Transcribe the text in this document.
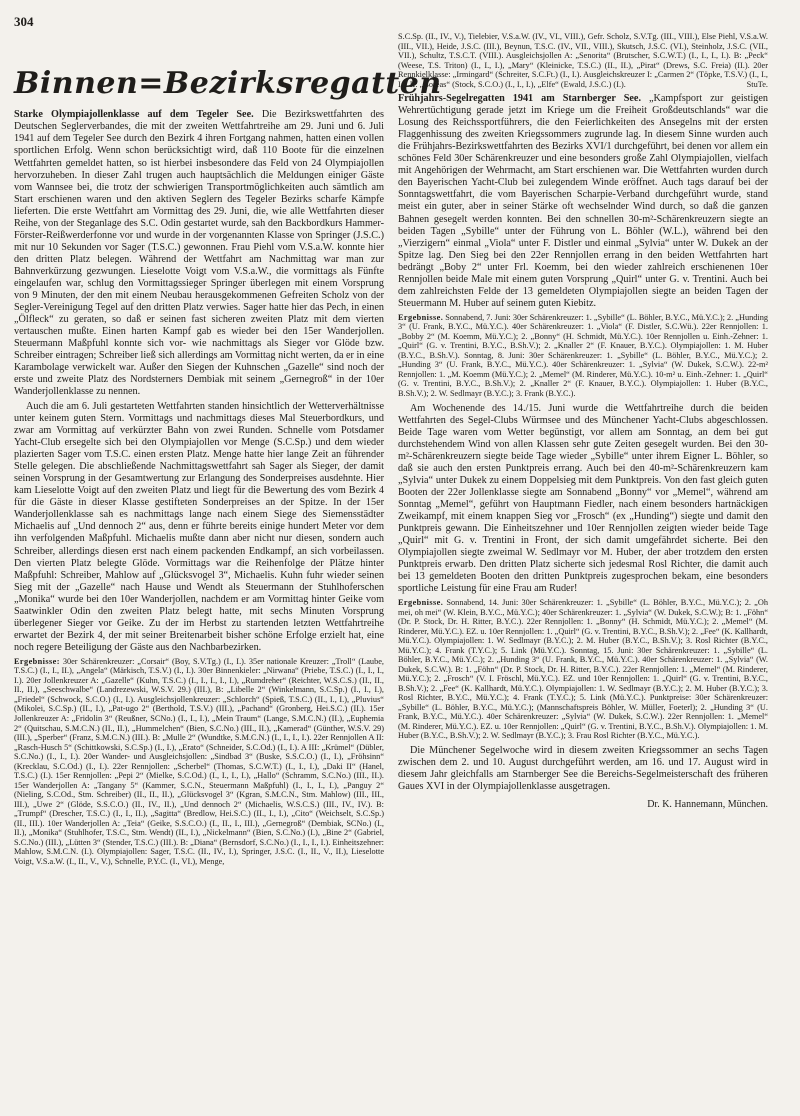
304
Binnen=Bezirksregatten

Starke Olympiajollenklasse auf dem Tegeler See. Die Bezirkswettfahrten des Deutschen Seglerverbandes, die mit der zweiten Wettfahrtreihe am 29. Juni und 6. Juli 1941 auf dem Tegeler See durch den Bezirk 4 ihren Fortgang nahmen, hatten einen vollen sportlichen Erfolg. Wenn schon berücksichtigt wird, daß 110 Boote für die einzelnen Wettfahrten gemeldet hatten, so ist hierbei insbesondere das Feld von 24 Olympiajollen hervorzuheben. In dieser Zahl trugen auch hauptsächlich die Meldungen einiger Gäste vom Wannsee bei, die trotz der schwierigen Transportmöglichkeiten auch sämtlich am Start erschienen waren und den aktiven Seglern des Tegeler Bezirks scharfe Kämpfe lieferten. Die erste Wettfahrt am Vormittag des 29. Juni, die, wie alle Wettfahrten dieser Reihe, von der Steganlage des S.C. Odin gestartet wurde, sah den Backbordkurs Hammer-Förster-Reißwerderfonne vor und wurde in der vorgenannten Klasse von Springer (J.S.C.) mit nur 10 Sekunden vor Sager (T.S.C.) gewonnen. Frau Piehl vom V.S.a.W. konnte hier den dritten Platz belegen. Während der Wettfahrt am Nachmittag war man zur Bahnverkürzung gezwungen. Lieselotte Voigt vom V.S.a.W., die vormittags als Fünfte eingelaufen war, schlug den Vormittagssieger Springer überlegen mit einem Vorsprung von 9 Minuten, der den mit einem Neubau herausgekommenen Gefreiten Scholz von der Segler-Vereinigung Tegel auf den dritten Platz verwies. Sager hatte hier das Pech, in einen „Ölfleck“ zu geraten, so daß er seinen fast sicheren zweiten Platz mit dem vierten vertauschen mußte. Einen harten Kampf gab es wieder bei den 15er Wanderjollen. Steuermann Maßpfuhl konnte sich vor- wie nachmittags als Sieger vor Glöde bzw. Schreiber eintragen; Schreiber ließ sich allerdings am Vormittag nicht werten, da er in eine Karambolage verwickelt war. Außer den Siegen der Kuhnschen „Gazelle“ sind noch der erste und zweite Platz des Nordsterners Dembiak mit seinem „Gernegroß“ in der 10er Wanderjollenklasse zu nennen.

Auch die am 6. Juli gestarteten Wettfahrten standen hinsichtlich der Wetterverhältnisse unter keinem guten Stern. Vormittags und nachmittags dieses Mal Steuerbordkurs, und zwar am Vormittag auf verkürzter Bahn von zwei Runden. Schnelle vom Potsdamer Yacht-Club ersegelte sich bei den Olympiajollen vor Menge (S.C.Sp.) und dem wieder plazierten Sager vom T.S.C. einen ersten Platz. Menge hatte hier lange Zeit an führender Stelle gelegen. Die abschließende Nachmittagswettfahrt sah Sager als Sieger, der damit seinen Vorsprung in der Gesamtwertung zur Erlangung des Sonderpreises ausdehnte. Hier kam Lieselotte Voigt auf den zweiten Platz und liegt für die Bewertung des vom Bezirk 4 für die Gäste in dieser Klasse gestifteten Sonderpreises an der Spitze. In der 15er Wanderjollenklasse sah es nachmittags lange nach einem Siege des Siemensstädter Michaelis auf „Und dennoch 2“ aus, denn er führte bereits einige hundert Meter vor dem ihn verfolgenden Maßpfuhl. Michaelis mußte dann aber nicht nur diesen, sondern auch Schreiber, allerdings diesen erst nach einem packenden Endkampf, an sich vorbeilassen. Den vierten Platz belegte Glöde. Vormittags war die Reihenfolge der Plätze hinter Maßpfuhl: Schreiber, Mahlow auf „Glücksvogel 3“, Michaelis. Kuhn fuhr wieder seinen Sieg mit der „Gazelle“ nach Hause und Wendt als Steuermann der Stuhlhoferschen „Monika“ wurde bei den 10er Wanderjollen, nachdem er am Vormittag hinter Geike vom Saatwinkler Odin den zweiten Platz belegt hatte, mit sechs Minuten Vorsprung überlegener Sieger vor Geike. Zu der im Herbst zu startenden letzten Wettfahrtreihe erwartet der Bezirk 4, der mit seiner Breitenarbeit bisher schöne Erfolge erzielt hat, eine noch regere Beteiligung der Gäste aus den Nachbarbezirken.

Ergebnisse: 30er Schärenkreuzer: „Corsair“ (Boy, S.V.Tg.) (I., I.). 35er nationale Kreuzer: „Troll“ (Laube, T.S.C.) (I., I., II.), „Angela“ (Märkisch, T.S.V.) (I., I.). 30er Binnenkieler: „Nirwana“ (Priebe, T.S.C.) (I., I., I., I.). 20er Jollenkreuzer A: „Gazelle“ (Kuhn, T.S.C.) (I., I., I., I., I.), „Rumdreher“ (Reichter, W.S.C.S.) (II., II., II., II.), „Seeschwalbe“ (Landrezewski, W.S.V. 29.) (III.), B: „Libelle 2“ (Winkelmann, S.C.Sp.) (I., I., I.), „Friedel“ (Schwock, S.C.O.) (I., I.). Ausgleichsjollenkreuzer: „Schlorch“ (Spieß, T.S.C.) (II., I., I.), „Pluvius“ (Mikolei, S.C.Sp.) (II., I.), „Pat-ugo 2“ (Berthold, T.S.V.) (III.), „Pachand“ (Gronberg, Hei.S.C.) (II.). 15er Jollenkreuzer A: „Fridolin 3“ (Reußner, SCNo.) (I., I., I.), „Mein Traum“ (Lange, S.M.C.N.) (II.), „Euphemia 2“ (Quitschau, S.M.C.N.) (II., II.), „Hummelchen“ (Bien, S.C.No.) (III., II.), „Kamerad“ (Günther, W.S.V. 29) (III.), „Sperber“ (Franz, S.M.C.N.) (III.). B: „Mulle 2“ (Wundtke, S.M.C.N.) (I., I., I., I.). 22er Rennjollen A II: „Rasch-Husch 5“ (Schittkowski, S.C.Sp.) (I., I.), „Erato“ (Schneider, S.C.Od.) (I., I.). A III: „Krümel“ (Dübler, S.C.No.) (I., I., I.). 20er Wander- und Ausgleichsjollen: „Sindbad 3“ (Buske, S.S.C.O.) (I., I.), „Fröhsinn“ (Krecklau, S.C.Od.) (I., I.). 22er Rennjollen: „Scherbel“ (Thomas, S.C.W.T.) (I., I., I.), „Daki II“ (Hanel, T.S.C.) (I.). 15er Rennjollen: „Pepi 2“ (Mielke, S.C.Od.) (I., I., I., I.), „Hallo“ (Schramm, S.C.No.) (III., II.). 15er Wanderjollen A: „Tangany 5“ (Kammer, S.C.N., Steuermann Maßpfuhl) (I., I., I., I.), „Panguy 2“ (Nieling, S.C.Od., Stm. Schreiber) (II., II., II.), „Glücksvogel 3“ (Kgran, S.M.C.N., Stm. Mahlow) (III., III., III.), „Uwe 2“ (Glöde, S.S.C.O.) (II., IV., II.), „Und dennoch 2“ (Michaelis, W.S.C.S.) (III., IV., IV.). B: „Trumpf“ (Drescher, T.S.C.) (I., I., II.), „Sagitta“ (Bredlow, Hei.S.C.) (II., I., I.), „Cito“ (Weichselt, S.C.Sp.) (II., III.). 10er Wanderjollen A: „Teia“ (Geike, S.S.C.O.) (I., II., I., III.), „Gernegroß“ (Dembiak, SCNo.) (I., II.), „Monika“ (Stuhlhofer, T.S.C., Stm. Wendt) (II., I.), „Nickelmann“ (Bien, S.C.No.) (I.), „Bine 2“ (Gabriel, S.C.No.) (III.), „Lütten 3“ (Stender, T.S.C.) (III.). B: „Diana“ (Bernsdorf, S.C.No.) (I., I., I., I.). Einheitszehner: Mahlow, S.M.C.N. (I.). Olympiajollen: Sager, T.S.C. (II., IV., I.), Springer, J.S.C. (I., II., V., II.), Lieselotte Voigt, V.S.a.W. (I., II., V., V.), Schnelle, P.Y.C. (I., VI.), Menge,

S.C.Sp. (II., IV., V.), Tielebier, V.S.a.W. (IV., VI., VIII.), Gefr. Scholz, S.V.Tg. (III., VIII.), Else Piehl, V.S.a.W. (III., VII.), Heide, J.S.C. (III.), Beynun, T.S.C. (IV., VII., VIII.), Skutsch, J.S.C. (VI.), Steinholz, J.S.C. (VII., VII.), Schultz, T.S.C.T. (VIII.). Ausgleichsjollen A: „Senorita“ (Brutscher, S.C.W.T.) (I., I., I., I.). B: „Peck“ (Weese, T.S. Triton) (I., I., I.), „Mary“ (Kleinicke, T.S.C.) (II., II.), „Pirat“ (Drews, S.C. Freia) (II.). 20er Rennkielklasse: „Irmingard“ (Schreiter, S.C.Ft.) (I., I.). Ausgleichskreuzer I: „Carmen 2“ (Töpke, T.S.V.) (I., I., I.). II: „Boreas“ (Stock, S.C.O.) (I., I., I.), „Elfe“ (Ewald, J.S.C.) (I.).	StuTe.

Frühjahrs-Segelregatten 1941 am Starnberger See. „Kampfsport zur geistigen Wehrertüchtigung gerade jetzt im Kriege um die Freiheit Großdeutschlands“ war die Losung des Reichssportführers, die den Feierlichkeiten des Ansegelns mit der ersten Flaggenhissung des zweiten Kriegssommers zugrunde lag. In diesem Sinne wurden auch die Frühjahrs-Bezirkswettfahrten des Bezirks XVI/1 durchgeführt, bei denen vor allem ein schönes Feld 30er Schärenkreuzer und eine besonders große Zahl Olympiajollen, vielfach mit Angehörigen der Wehrmacht, am Start erschienen war. Die Wettfahrten wurden durch den Bayerischen Yacht-Club bei zulegendem Winde eröffnet. Auch tags darauf bei der Sonntagswettfahrt, die vom Bayerischen Scharpie-Verband durchgeführt wurde, stand meist ein guter, aber in seiner Stärke oft wechselnder Wind durch, so daß die ganzen Bahnen gesegelt werden konnten. Bei den schnellen 30-m²-Schärenkreuzern siegte an beiden Tagen „Sybille“ unter der Führung von L. Böhler (W.L.), während bei den „Vierzigern“ einmal „Viola“ unter F. Distler und einmal „Sylvia“ unter W. Dukek an der Spitze lag. Den Sieg bei den 22er Rennjollen errang in den beiden Wettfahrten hart bedrängt „Boby 2“ unter Frl. Koemm, bei den wieder zahlreich erschienenen 10er Rennjollen beide Male mit einem guten Vorsprung „Quirl“ unter G. v. Trentini. Auch bei dem zahlreichsten Felde der 13 gemeldeten Olympiajollen siegte an beiden Tagen der Steuermann M. Huber auf seinem guten Kiebitz.

Ergebnisse. Sonnabend, 7. Juni: 30er Schärenkreuzer: 1. „Sybille“ (L. Böhler, B.Y.C., Mü.Y.C.); 2. „Hunding 3“ (U. Frank, B.Y.C., Mü.Y.C.). 40er Schärenkreuzer: 1. „Viola“ (F. Distler, S.C.Wü.). 22er Rennjollen: 1. „Bobby 2“ (M. Koemm, Mü.Y.C.); 2. „Bonny“ (H. Schmidt, Mü.Y.C.). 10er Rennjollen u. Einh.-Zehner: 1. „Quirl“ (G. v. Trentini, B.Y.C., B.Sh.V.); 2. „Knaller 2“ (F. Knauer, B.Y.C.). Olympiajollen: 1. M. Huber (B.Y.C., B.Sh.V.). Sonntag, 8. Juni: 30er Schärenkreuzer: 1. „Sybille“ (L. Böhler, B.Y.C., Mü.Y.C.); 2. „Hunding 3“ (U. Frank, B.Y.C., Mü.Y.C.). 40er Schärenkreuzer: 1. „Sylvia“ (W. Dukek, S.C.W.). 22-m² Rennjollen: 1. „M. Koemm (Mü.Y.C.); 2. „Memel“ (M. Rinderer, Mü.Y.C.). 10-m² u. Einh.-Zehner: 1. „Quirl“ (G. v. Trentini, B.Y.C., B.Sh.V.); 2. „Knaller 2“ (F. Knauer, B.Y.C.). Olympiajollen: 1. Huber (B.Y.C., B.Sh.V.); 2. W. Sedlmayr (B.Y.C.); 3. Frank (B.Y.C.).

Am Wochenende des 14./15. Juni wurde die Wettfahrtreihe durch die beiden Wettfahrten des Segel-Clubs Würmsee und des Münchener Yacht-Clubs abgeschlossen. Beide Tage waren vom Wetter begünstigt, vor allem am Sonntag, an dem bei gut durchstehendem Wind von allen Klassen sehr gute Zeiten gesegelt wurden. Bei den 30-m²-Schärenkreuzern siegte beide Tage wieder „Sybille“ unter ihrem Eigner L. Böhler, so daß sie auch den ersten Punktpreis errang. Auch bei den 40-m²-Schärenkreuzern kam „Sylvia“ unter Dukek zu einem Doppelsieg mit dem Punktpreis. Von den fast gleich guten Booten der 22er Jollenklasse siegte am Sonnabend „Bonny“ vor „Memel“, während am Sonntag „Memel“, geführt von Hauptmann Fiedler, nach einem besonders hartnäckigen Zweikampf, mit einem knappen Sieg vor „Frosch“ (ex „Hunding“) siegte und damit den Punktpreis gewann. Die Einheitszehner und 10er Rennjollen zeigten wieder beide Tage „Quirl“ mit G. v. Trentini in Front, der sich damit umgefährdet sicherte. Bei den Olympiajollen siegte zweimal W. Sedlmayr vor M. Huber, der aber trotzdem den ersten Punktpreis erwarb. Den dritten Platz sicherte sich jedesmal Rosl Richter, die damit auch bei 13 gemeldeten Booten den dritten Punktpreis zugesprochen bekam, eine besonders sportliche Leistung für eine Frau am Ruder!

Ergebnisse. Sonnabend, 14. Juni: 30er Schärenkreuzer: 1. „Sybille“ (L. Böhler, B.Y.C., Mü.Y.C.); 2. „Oh mei, oh mei“ (W. Klein, B.Y.C., Mü.Y.C.); 40er Schärenkreuzer: 1. „Sylvia“ (W. Dukek, S.C.W.); B: 1. „Föhn“ (Dr. P. Stock, Dr. H. Ritter, B.Y.C.). 22er Rennjollen: 1. „Bonny“ (H. Schmidt, Mü.Y.C.); 2. „Memel“ (M. Rinderer, Mü.Y.C.). EZ. u. 10er Rennjollen: 1. „Quirl“ (G. v. Trentini, B.Y.C., B.Sh.V.); 2. „Fee“ (K. Kallhardt, Mü.Y.C.). Olympiajollen: 1. W. Sedlmayr (B.Y.C.); 2. M. Huber (B.Y.C., B.Sh.V.); 3. Rosl Richter (B.Y.C., Mü.Y.C.); 4. Frank (T.Y.C.); 5. Link (Mü.Y.C.). Sonntag, 15. Juni: 30er Schärenkreuzer: 1. „Sybille“ (L. Böhler, B.Y.C., Mü.Y.C.); 2. „Hunding 3“ (U. Frank, B.Y.C., Mü.Y.C.). 40er Schärenkreuzer: 1. „Sylvia“ (W. Dukek, S.C.W.). B: 1. „Föhn“ (Dr. P. Stock, Dr. H. Ritter, B.Y.C.). 22er Rennjollen: 1. „Memel“ (M. Rinderer, Mü.Y.C.); 2. „Frosch“ (V. I. Fröschl, Mü.Y.C.). EZ. und 10er Rennjollen: 1. „Quirl“ (G. v. Trentini, B.Y.C., B.Sh.V.); 2. „Fee“ (K. Kallhardt, Mü.Y.C.). Olympiajollen: 1. W. Sedlmayr (B.Y.C.); 2. M. Huber (B.Y.C.); 3. Rosl Richter, B.Y.C., Mü.Y.C.); 4. Frank (T.Y.C.); 5. Link (Mü.Y.C.). Punktpreise: 30er Schärenkreuzer: „Sybille“ (L. Böhler, B.Y.C., Mü.Y.C.); (Mannschaftspreis Böhler, W. Müller, Foeterl); 2. „Hunding 3“ (U. Frank, B.Y.C., Mü.Y.C.). 40er Schärenkreuzer: „Sylvia“ (W. Dukek, S.C.W.). 22er Rennjollen: 1. „Memel“ (M. Rinderer, Mü.Y.C.). EZ. u. 10er Rennjollen: „Quirl“ (G. v. Trentini, B.Y.C., B.Sh.V.). Olympiajollen: 1. M. Huber (B.Y.C., B.Sh.V.); 2. W. Sedlmayr (B.Y.C.); 3. Frau Rosl Richter (B.Y.C., Mü.Y.C.).

Die Münchener Segelwoche wird in diesem zweiten Kriegssommer an sechs Tagen zwischen dem 2. und 10. August durchgeführt werden, am 16. und 17. August wird in diesem Jahr gleichfalls am Starnberger See die Bereichs-Segelmeisterschaft des früheren Gaues XVI in der Olympiajollenklasse ausgetragen.

Dr. K. Hannemann, München.
